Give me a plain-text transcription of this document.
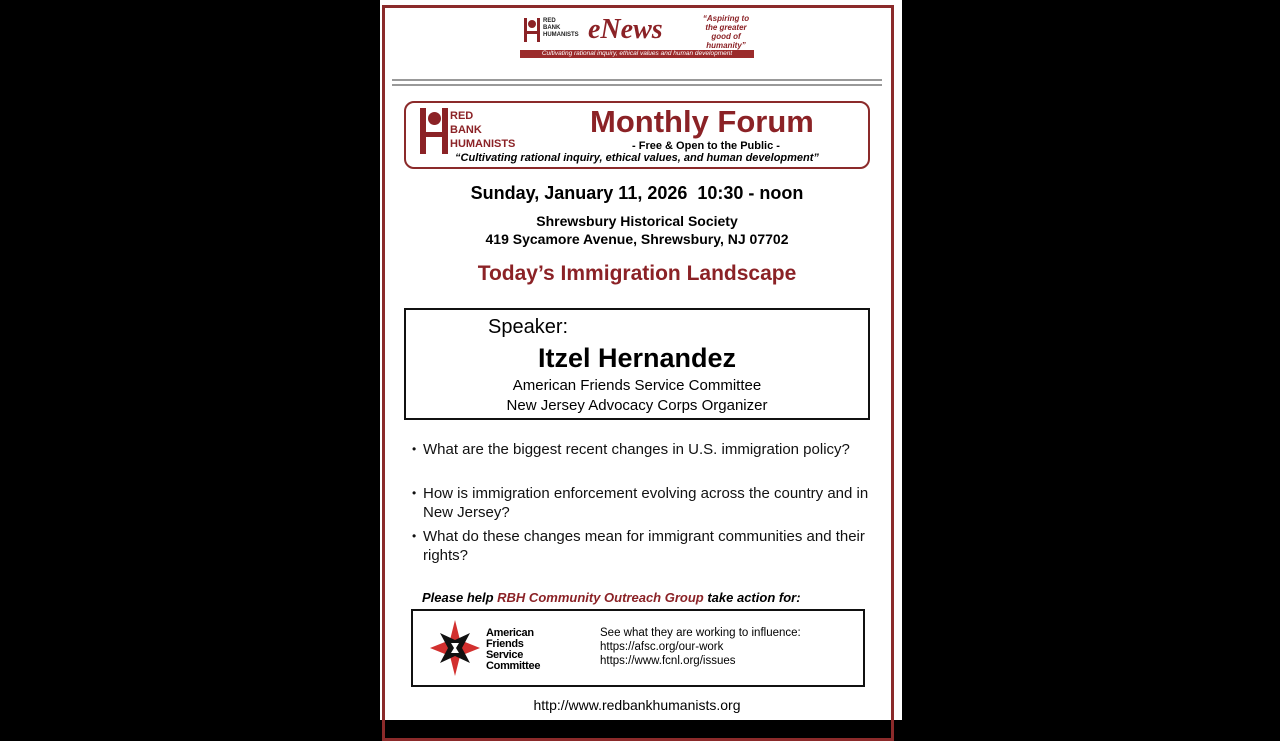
RED
BANK
HUMANISTS eNews	“Aspiring to the greater good of humanity”
Cultivating rational inquiry, ethical values and human development
RED
BANK
HUMANISTS
Monthly Forum
- Free & Open to the Public -
“Cultivating rational inquiry, ethical values, and human development”
Sunday, January 11, 2026  10:30 - noon
Shrewsbury Historical Society
419 Sycamore Avenue, Shrewsbury, NJ 07702
Today’s Immigration Landscape
Speaker:
Itzel Hernandez
American Friends Service Committee
New Jersey Advocacy Corps Organizer
• What are the biggest recent changes in U.S. immigration policy?
• How is immigration enforcement evolving across the country and in New Jersey?
• What do these changes mean for immigrant communities and their rights?
Please help RBH Community Outreach Group take action for:
American
Friends
Service
Committee
See what they are working to influence:
https://afsc.org/our-work
https://www.fcnl.org/issues
http://www.redbankhumanists.org
